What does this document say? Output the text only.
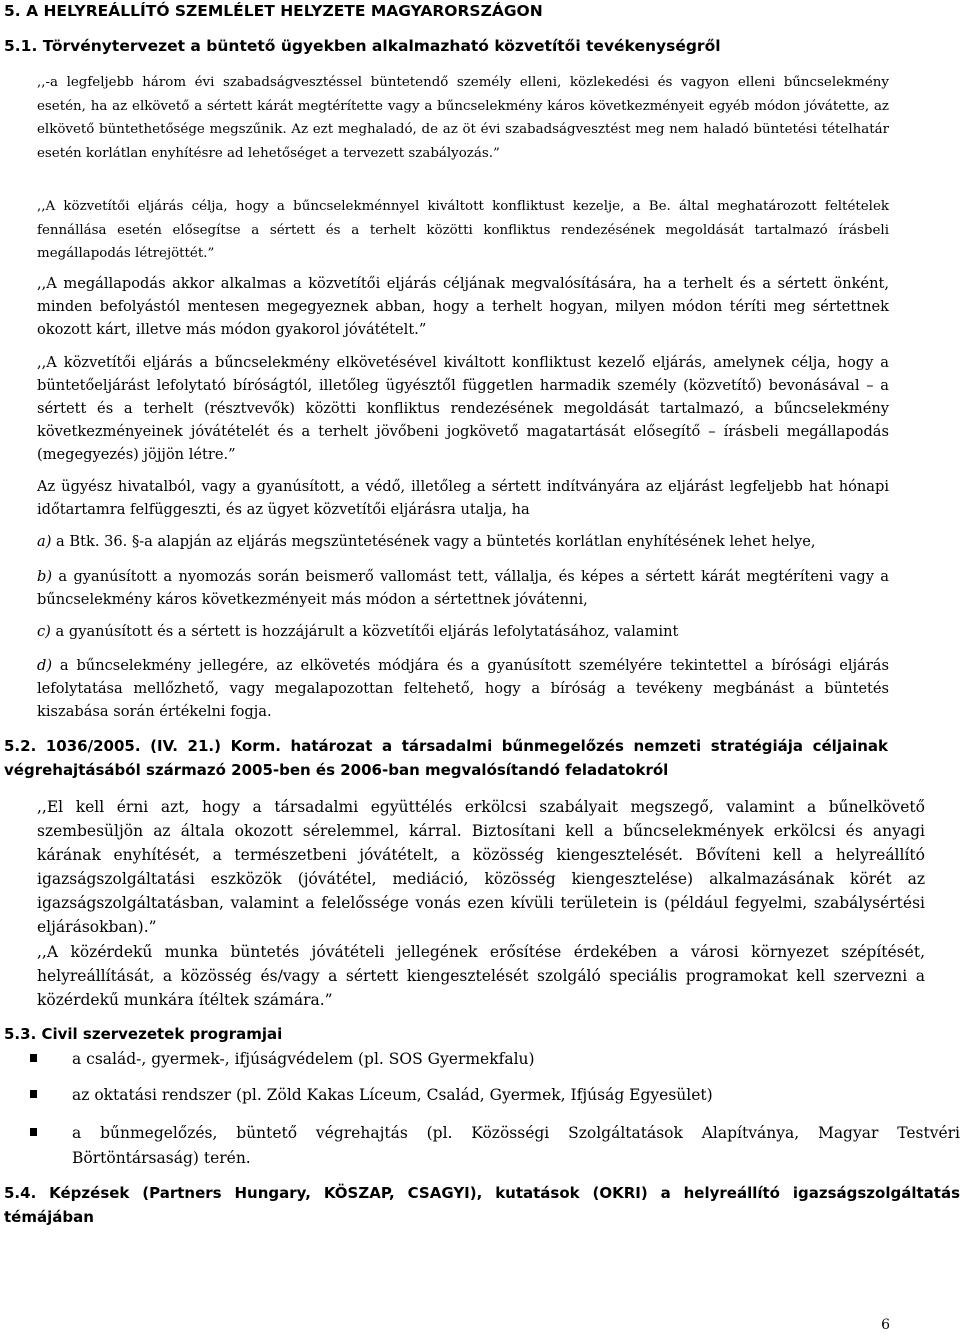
5. A HELYREÁLLÍTÓ SZEMLÉLET HELYZETE MAGYARORSZÁGON
5.1. Törvénytervezet a büntető ügyekben alkalmazható közvetítői tevékenységről

,,-a legfeljebb három évi szabadságvesztéssel büntetendő személy elleni, közlekedési és vagyon elleni bűncselekmény esetén, ha az elkövető a sértett kárát megtérítette vagy a bűncselekmény káros következményeit egyéb módon jóvátette, az elkövető büntethetősége megszűnik. Az ezt meghaladó, de az öt évi szabadságvesztést meg nem haladó büntetési tételhatár esetén korlátlan enyhítésre ad lehetőséget a tervezett szabályozás.”

,,A közvetítői eljárás célja, hogy a bűncselekménnyel kiváltott konfliktust kezelje, a Be. által meghatározott feltételek fennállása esetén elősegítse a sértett és a terhelt közötti konfliktus rendezésének megoldását tartalmazó írásbeli megállapodás létrejöttét.”

,,A megállapodás akkor alkalmas a közvetítői eljárás céljának megvalósítására, ha a terhelt és a sértett önként, minden befolyástól mentesen megegyeznek abban, hogy a terhelt hogyan, milyen módon téríti meg sértettnek okozott kárt, illetve más módon gyakorol jóvátételt.”

,,A közvetítői eljárás a bűncselekmény elkövetésével kiváltott konfliktust kezelő eljárás, amelynek célja, hogy a büntetőeljárást lefolytató bíróságtól, illetőleg ügyésztől független harmadik személy (közvetítő) bevonásával – a sértett és a terhelt (résztvevők) közötti konfliktus rendezésének megoldását tartalmazó, a bűncselekmény következményeinek jóvátételét és a terhelt jövőbeni jogkövető magatartását elősegítő – írásbeli megállapodás (megegyezés) jöjjön létre.”

Az ügyész hivatalból, vagy a gyanúsított, a védő, illetőleg a sértett indítványára az eljárást legfeljebb hat hónapi időtartamra felfüggeszti, és az ügyet közvetítői eljárásra utalja, ha

a) a Btk. 36. §-a alapján az eljárás megszüntetésének vagy a büntetés korlátlan enyhítésének lehet helye,

b) a gyanúsított a nyomozás során beismerő vallomást tett, vállalja, és képes a sértett kárát megtéríteni vagy a bűncselekmény káros következményeit más módon a sértettnek jóvátenni,

c) a gyanúsított és a sértett is hozzájárult a közvetítői eljárás lefolytatásához, valamint

d) a bűncselekmény jellegére, az elkövetés módjára és a gyanúsított személyére tekintettel a bírósági eljárás lefolytatása mellőzhető, vagy megalapozottan feltehető, hogy a bíróság a tevékeny megbánást a büntetés kiszabása során értékelni fogja.

5.2. 1036/2005. (IV. 21.) Korm. határozat a társadalmi bűnmegelőzés nemzeti stratégiája céljainak végrehajtásából származó 2005-ben és 2006-ban megvalósítandó feladatokról

,,El kell érni azt, hogy a társadalmi együttélés erkölcsi szabályait megszegő, valamint a bűnelkövető szembesüljön az általa okozott sérelemmel, kárral. Biztosítani kell a bűncselekmények erkölcsi és anyagi kárának enyhítését, a természetbeni jóvátételt, a közösség kiengesztelését. Bővíteni kell a helyreállító igazságszolgáltatási eszközök (jóvátétel, mediáció, közösség kiengesztelése) alkalmazásának körét az igazságszolgáltatásban, valamint a felelőssége vonás ezen kívüli területein is (például fegyelmi, szabálysértési eljárásokban).”

,,A közérdekű munka büntetés jóvátételi jellegének erősítése érdekében a városi környezet szépítését, helyreállítását, a közösség és/vagy a sértett kiengesztelését szolgáló speciális programokat kell szervezni a közérdekű munkára ítéltek számára.”

5.3. Civil szervezetek programjai

a család-, gyermek-, ifjúságvédelem (pl. SOS Gyermekfalu)
az oktatási rendszer (pl. Zöld Kakas Líceum, Család, Gyermek, Ifjúság Egyesület)
a bűnmegelőzés, büntető végrehajtás (pl. Közösségi Szolgáltatások Alapítványa, Magyar Testvéri Börtöntársaság) terén.

5.4. Képzések (Partners Hungary, KÖSZAP, CSAGYI), kutatások (OKRI) a helyreállító igazságszolgáltatás témájában

6
